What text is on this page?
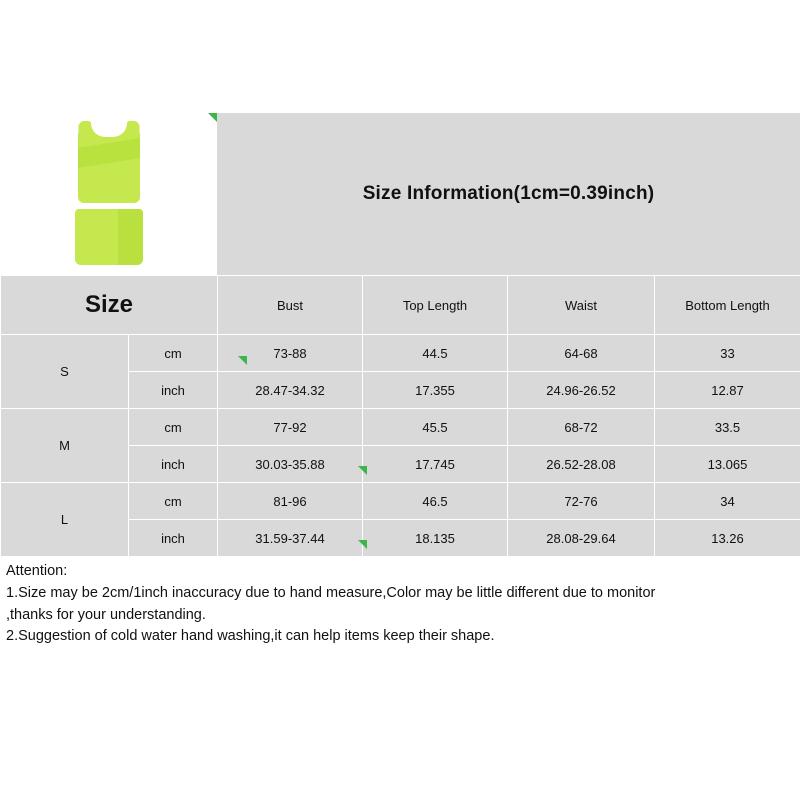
Size Information(1cm=0.39inch)
Size		Bust	Top Length	Waist	Bottom Length
S	cm	73-88	44.5	64-68	33
	inch	28.47-34.32	17.355	24.96-26.52	12.87
M	cm	77-92	45.5	68-72	33.5
	inch	30.03-35.88	17.745	26.52-28.08	13.065
L	cm	81-96	46.5	72-76	34
	inch	31.59-37.44	18.135	28.08-29.64	13.26
Attention:
1.Size may be 2cm/1inch inaccuracy due to hand measure,Color may be little different due to monitor
,thanks for your understanding.
2.Suggestion of cold water hand washing,it can help items keep their shape.
